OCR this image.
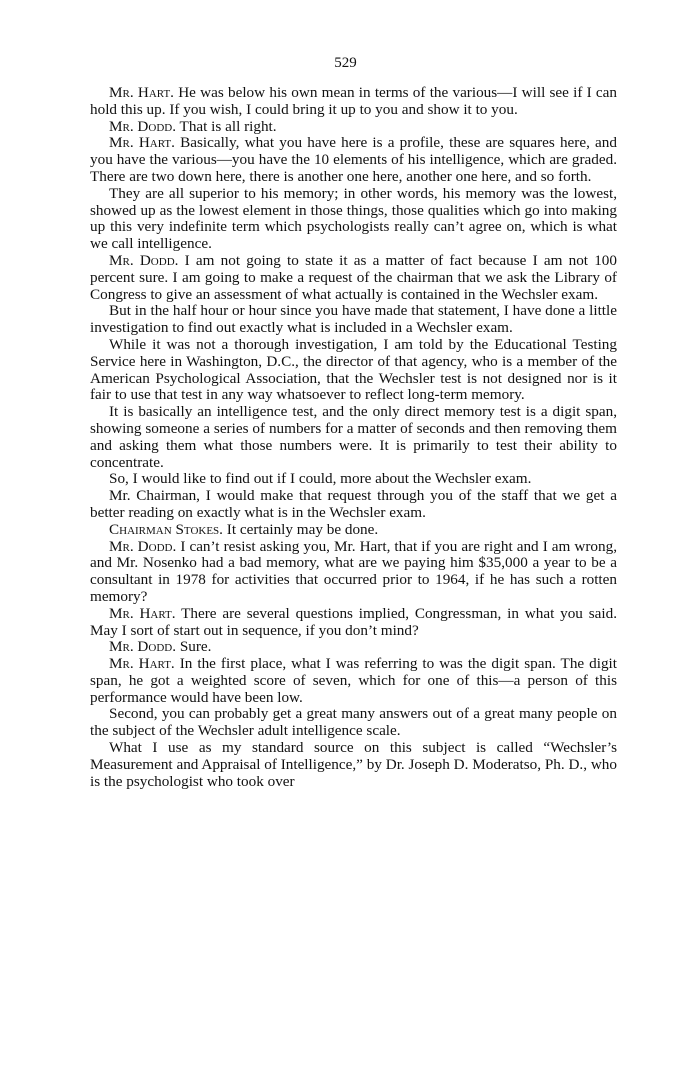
529

Mr. Hart. He was below his own mean in terms of the various—I will see if I can hold this up. If you wish, I could bring it up to you and show it to you.

Mr. Dodd. That is all right.

Mr. Hart. Basically, what you have here is a profile, these are squares here, and you have the various—you have the 10 elements of his intelligence, which are graded. There are two down here, there is another one here, another one here, and so forth.

They are all superior to his memory; in other words, his memory was the lowest, showed up as the lowest element in those things, those qualities which go into making up this very indefinite term which psychologists really can’t agree on, which is what we call intelligence.

Mr. Dodd. I am not going to state it as a matter of fact because I am not 100 percent sure. I am going to make a request of the chairman that we ask the Library of Congress to give an assessment of what actually is contained in the Wechsler exam.

But in the half hour or hour since you have made that statement, I have done a little investigation to find out exactly what is included in a Wechsler exam.

While it was not a thorough investigation, I am told by the Educational Testing Service here in Washington, D.C., the director of that agency, who is a member of the American Psychological Association, that the Wechsler test is not designed nor is it fair to use that test in any way whatsoever to reflect long-term memory.

It is basically an intelligence test, and the only direct memory test is a digit span, showing someone a series of numbers for a matter of seconds and then removing them and asking them what those numbers were. It is primarily to test their ability to concentrate.

So, I would like to find out if I could, more about the Wechsler exam.

Mr. Chairman, I would make that request through you of the staff that we get a better reading on exactly what is in the Wechsler exam.

Chairman Stokes. It certainly may be done.

Mr. Dodd. I can’t resist asking you, Mr. Hart, that if you are right and I am wrong, and Mr. Nosenko had a bad memory, what are we paying him $35,000 a year to be a consultant in 1978 for activities that occurred prior to 1964, if he has such a rotten memory?

Mr. Hart. There are several questions implied, Congressman, in what you said. May I sort of start out in sequence, if you don’t mind?

Mr. Dodd. Sure.

Mr. Hart. In the first place, what I was referring to was the digit span. The digit span, he got a weighted score of seven, which for one of this—a person of this performance would have been low.

Second, you can probably get a great many answers out of a great many people on the subject of the Wechsler adult intelligence scale.

What I use as my standard source on this subject is called “Wechsler’s Measurement and Appraisal of Intelligence,” by Dr. Joseph D. Moderatso, Ph. D., who is the psychologist who took over
